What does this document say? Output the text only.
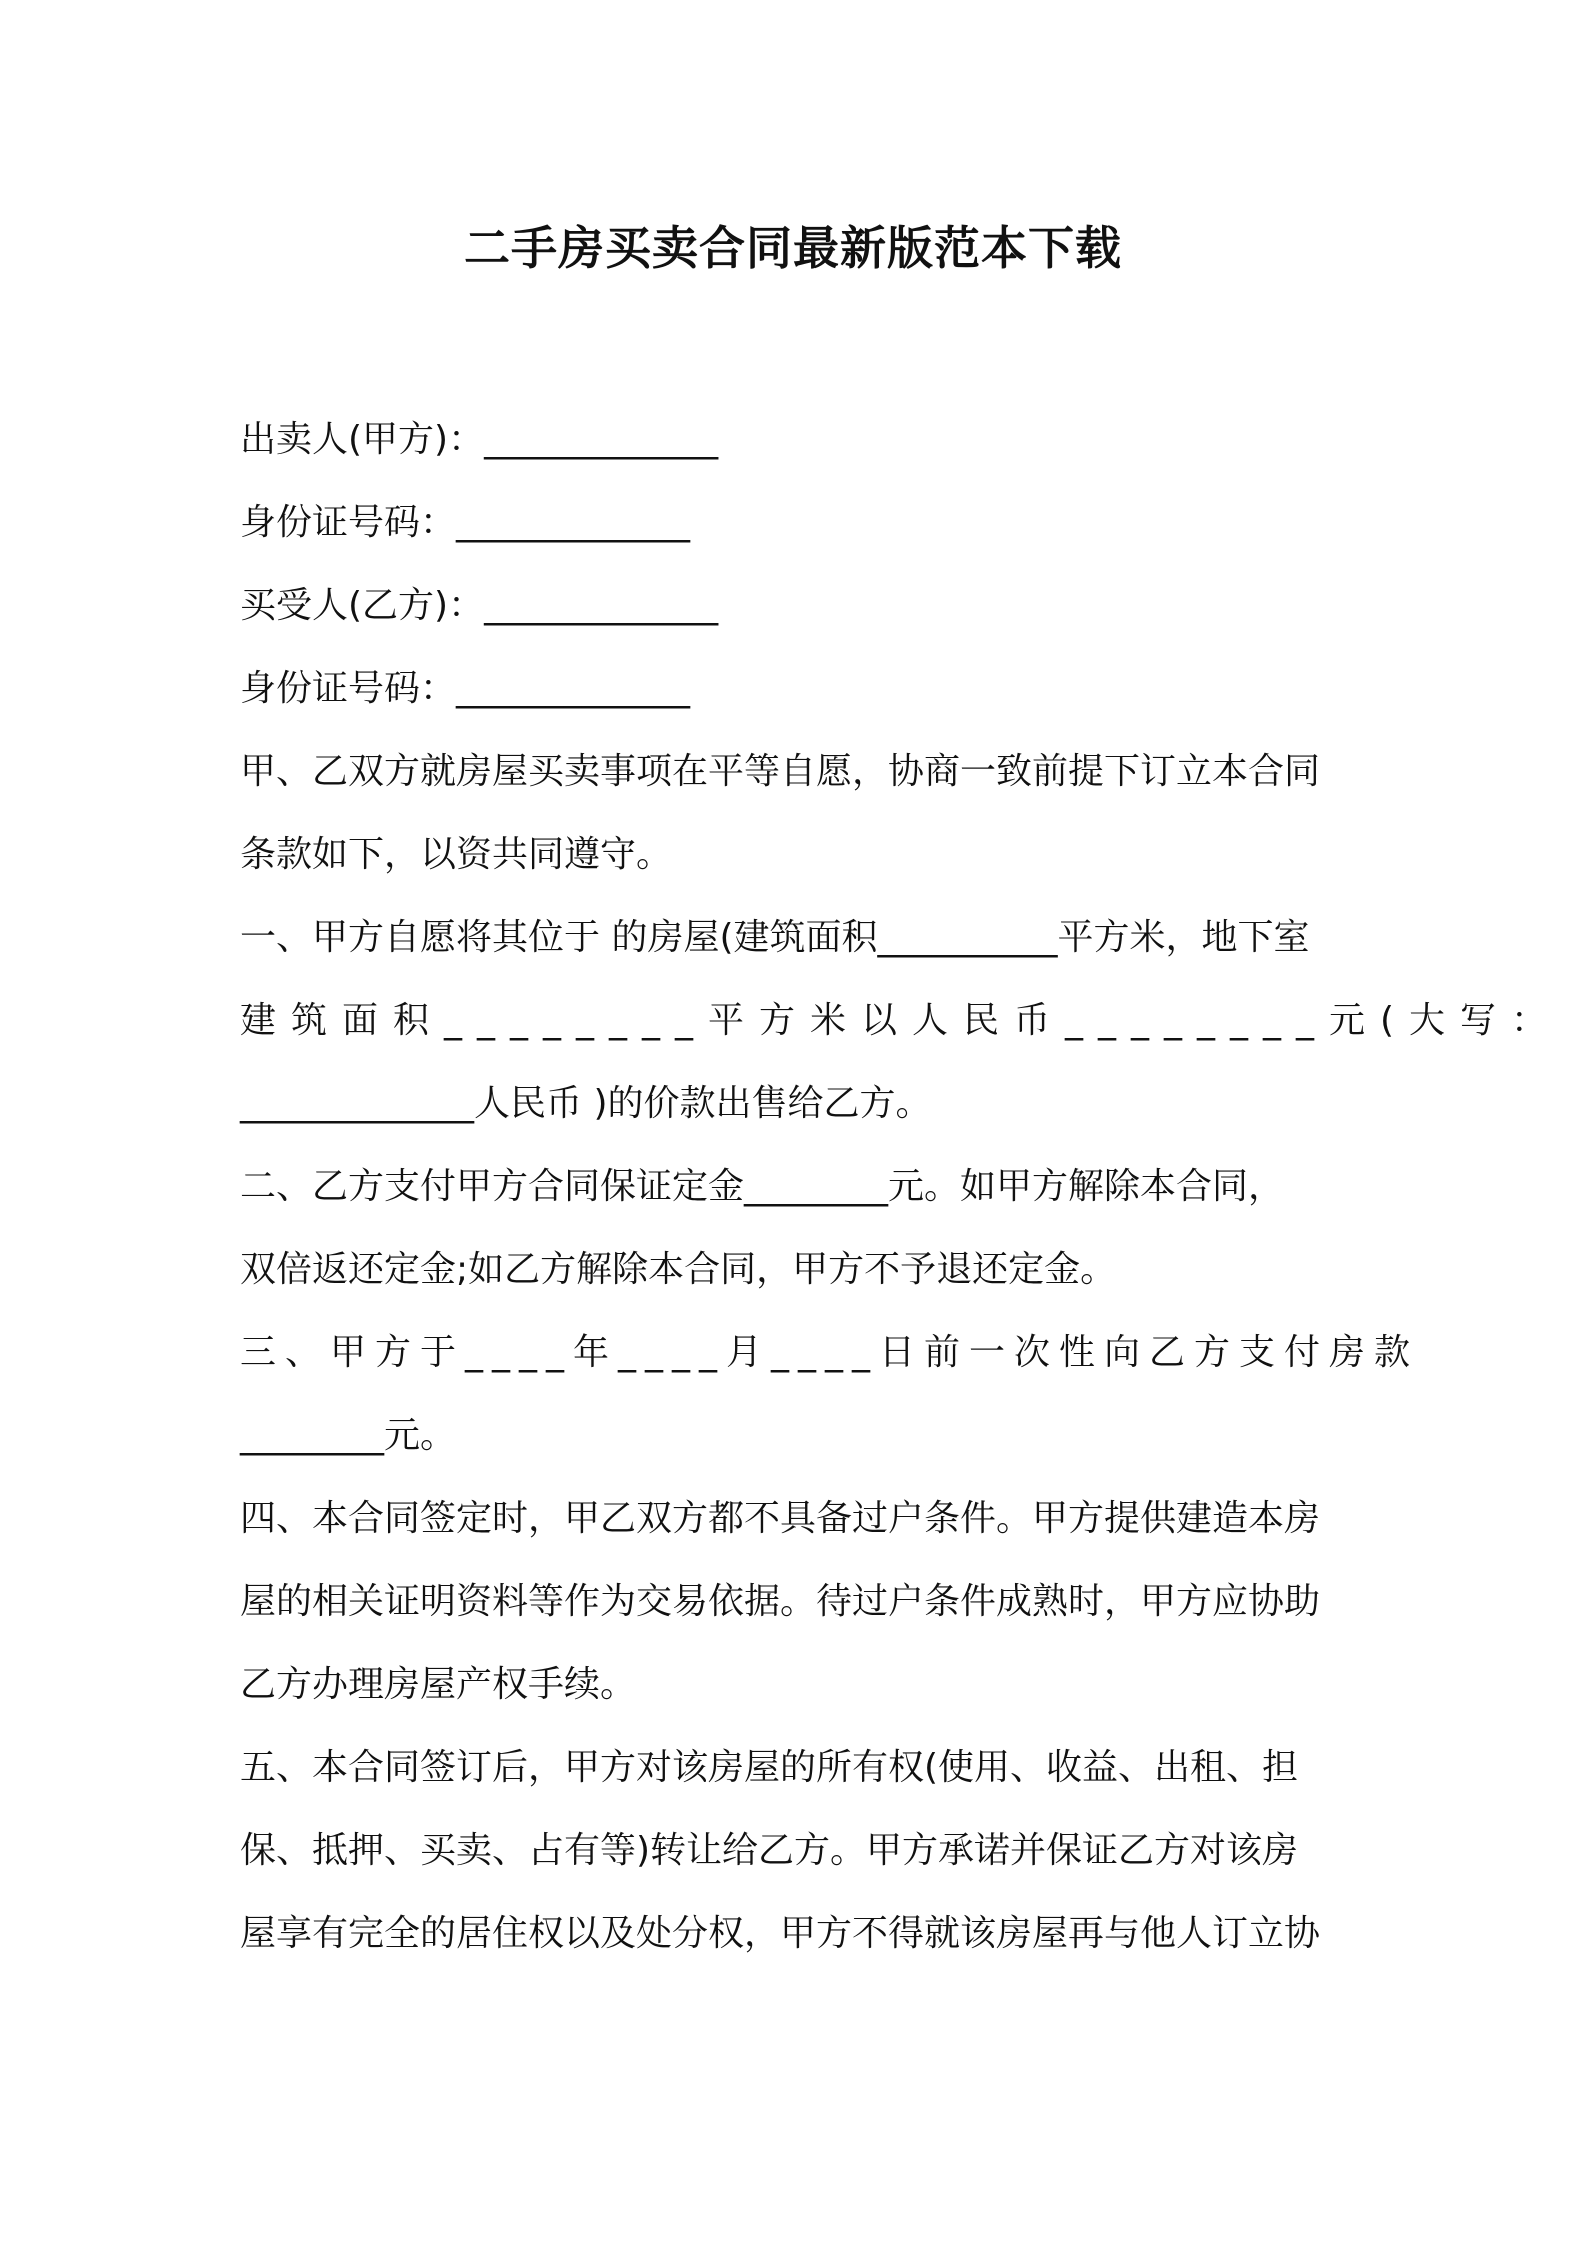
二手房买卖合同最新版范本下载
出卖人(甲方)：_____________
身份证号码：_____________
买受人(乙方)：_____________
身份证号码：_____________
甲、乙双方就房屋买卖事项在平等自愿，协商一致前提下订立本合同
条款如下，以资共同遵守。
一、甲方自愿将其位于 的房屋(建筑面积__________平方米，地下室
建筑面积________平方米以人民币________元(大写：
_____________人民币 )的价款出售给乙方。
二、乙方支付甲方合同保证定金________元。如甲方解除本合同，
双倍返还定金;如乙方解除本合同，甲方不予退还定金。
三、甲方于____年____月____日前一次性向乙方支付房款
________元。
四、本合同签定时，甲乙双方都不具备过户条件。甲方提供建造本房
屋的相关证明资料等作为交易依据。待过户条件成熟时，甲方应协助
乙方办理房屋产权手续。
五、本合同签订后，甲方对该房屋的所有权(使用、收益、出租、担
保、抵押、买卖、占有等)转让给乙方。甲方承诺并保证乙方对该房
屋享有完全的居住权以及处分权，甲方不得就该房屋再与他人订立协
